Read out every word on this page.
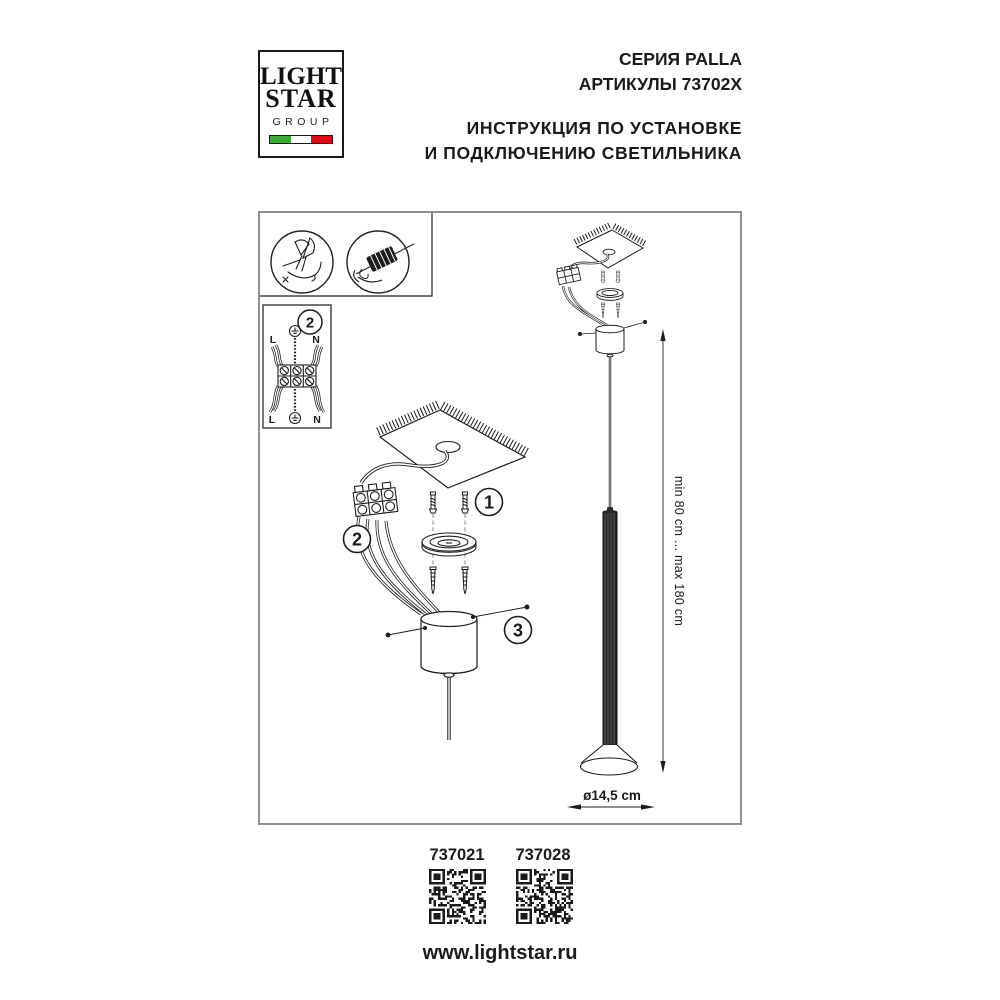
LIGHT
STAR
GROUP
СЕРИЯ PALLA
АРТИКУЛЫ 73702X
ИНСТРУКЦИЯ ПО УСТАНОВКЕ
И ПОДКЛЮЧЕНИЮ СВЕТИЛЬНИКА
2
L	N
L	N
2
1
3
min 80 cm ... max 180 cm
ø14,5 cm
737021	737028
www.lightstar.ru
